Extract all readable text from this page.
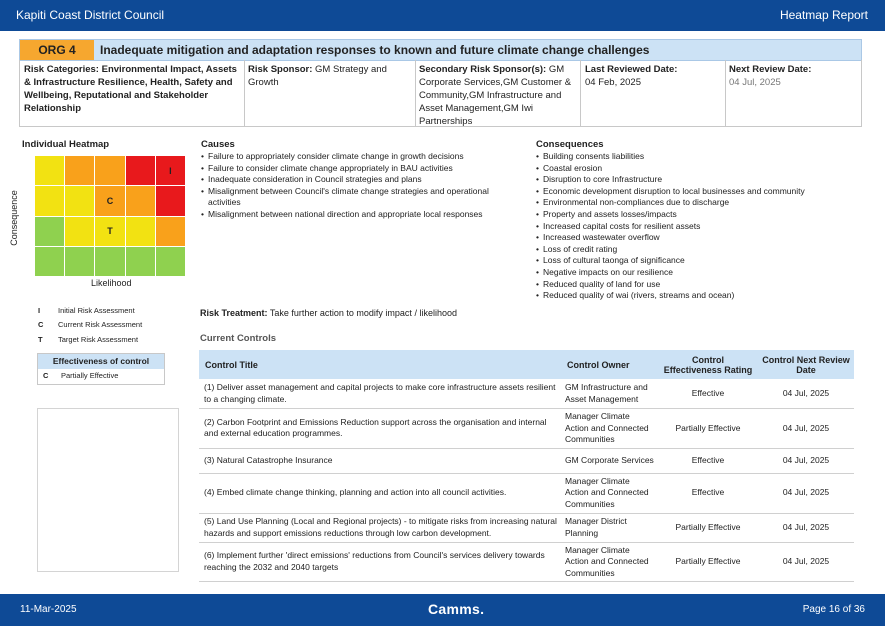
Kapiti Coast District Council	Heatmap Report
ORG 4	Inadequate mitigation and adaptation responses to known and future climate change challenges
Risk Categories: Environmental Impact, Assets & Infrastructure Resilience, Health, Safety and Wellbeing, Reputational and Stakeholder Relationship
Risk Sponsor: GM Strategy and Growth
Secondary Risk Sponsor(s): GM Corporate Services,GM Customer & Community,GM Infrastructure and Asset Management,GM Iwi Partnerships
Last Reviewed Date:
04 Feb, 2025
Next Review Date:
04 Jul, 2025
Individual Heatmap
Consequence
I
C
T
Likelihood
I Initial Risk Assessment
C Current Risk Assessment
T Target Risk Assessment
Effectiveness of control
C Partially Effective
Causes
• Failure to appropriately consider climate change in growth decisions
• Failure to consider climate change appropriately in BAU activities
• Inadequate consideration in Council strategies and plans
• Misalignment between Council's climate change strategies and operational activities
• Misalignment between national direction and appropriate local responses
Consequences
• Building consents liabilities
• Coastal erosion
• Disruption to core Infrastructure
• Economic development disruption to local businesses and community
• Environmental non-compliances due to discharge
• Property and assets losses/impacts
• Increased capital costs for resilient assets
• Increased wastewater overflow
• Loss of credit rating
• Loss of cultural taonga of significance
• Negative impacts on our resilience
• Reduced quality of land for use
• Reduced quality of wai (rivers, streams and ocean)
Risk Treatment: Take further action to modify impact / likelihood
Current Controls
Control Title	Control Owner	Control Effectiveness Rating	Control Next Review Date
(1) Deliver asset management and capital projects to make core infrastructure assets resilient to a changing climate.	GM Infrastructure and Asset Management	Effective	04 Jul, 2025
(2) Carbon Footprint and Emissions Reduction support across the organisation and internal and external education programmes.	Manager Climate Action and Connected Communities	Partially Effective	04 Jul, 2025
(3) Natural Catastrophe Insurance	GM Corporate Services	Effective	04 Jul, 2025
(4) Embed climate change thinking, planning and action into all council activities.	Manager Climate Action and Connected Communities	Effective	04 Jul, 2025
(5) Land Use Planning (Local and Regional projects) - to mitigate risks from increasing natural hazards and support emissions reductions through low carbon development.	Manager District Planning	Partially Effective	04 Jul, 2025
(6) Implement further 'direct emissions' reductions from Council's services delivery towards reaching the 2032 and 2040 targets	Manager Climate Action and Connected Communities	Partially Effective	04 Jul, 2025
11-Mar-2025	Camms.	Page 16 of 36
